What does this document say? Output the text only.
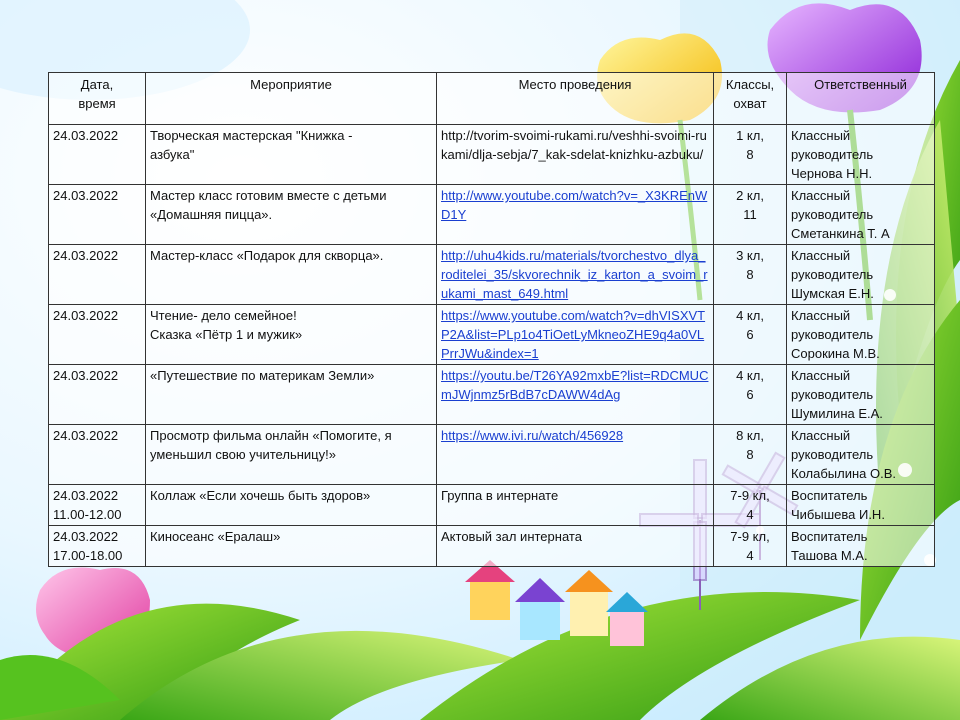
Дата,
время	Мероприятие	Место проведения	Классы,
охват	Ответственный
24.03.2022	Творческая мастерская "Книжка -
азбука"	http://tvorim-svoimi-rukami.ru/veshhi-svoimi-rukami/dlja-sebja/7_kak-sdelat-knizhku-azbuku/	1 кл,
8	Классный
руководитель
Чернова Н.Н.
24.03.2022	Мастер класс готовим вместе с детьми
«Домашняя пицца».	http://www.youtube.com/watch?v=_X3KREnWD1Y	2 кл,
11	Классный
руководитель
Сметанкина Т. А
24.03.2022	Мастер-класс «Подарок для скворца».	http://uhu4kids.ru/materials/tvorchestvo_dlya_roditelei_35/skvorechnik_iz_karton_a_svoim_rukami_mast_649.html	3 кл,
8	Классный
руководитель
Шумская Е.Н.
24.03.2022	Чтение- дело семейное!
Сказка «Пётр 1 и мужик»	https://www.youtube.com/watch?v=dhVISXVTP2A&list=PLp1o4TiOetLyMkneoZHE9q4a0VLPrrJWu&index=1	4 кл,
6	Классный
руководитель
Сорокина М.В.
24.03.2022	«Путешествие по материкам Земли»	https://youtu.be/T26YA92mxbE?list=RDCMUCmJWjnmz5rBdB7cDAWW4dAg	4 кл,
6	Классный
руководитель
Шумилина Е.А.
24.03.2022	Просмотр фильма онлайн «Помогите, я
уменьшил свою учительницу!»	https://www.ivi.ru/watch/456928	8 кл,
8	Классный
руководитель
Колабылина О.В.
24.03.2022
11.00-12.00	Коллаж «Если хочешь быть здоров»	Группа в интернате	7-9 кл,
4	Воспитатель
Чибышева И.Н.
24.03.2022
17.00-18.00	Киносеанс «Ералаш»	Актовый зал интерната	7-9 кл,
4	Воспитатель
Ташова М.А.
